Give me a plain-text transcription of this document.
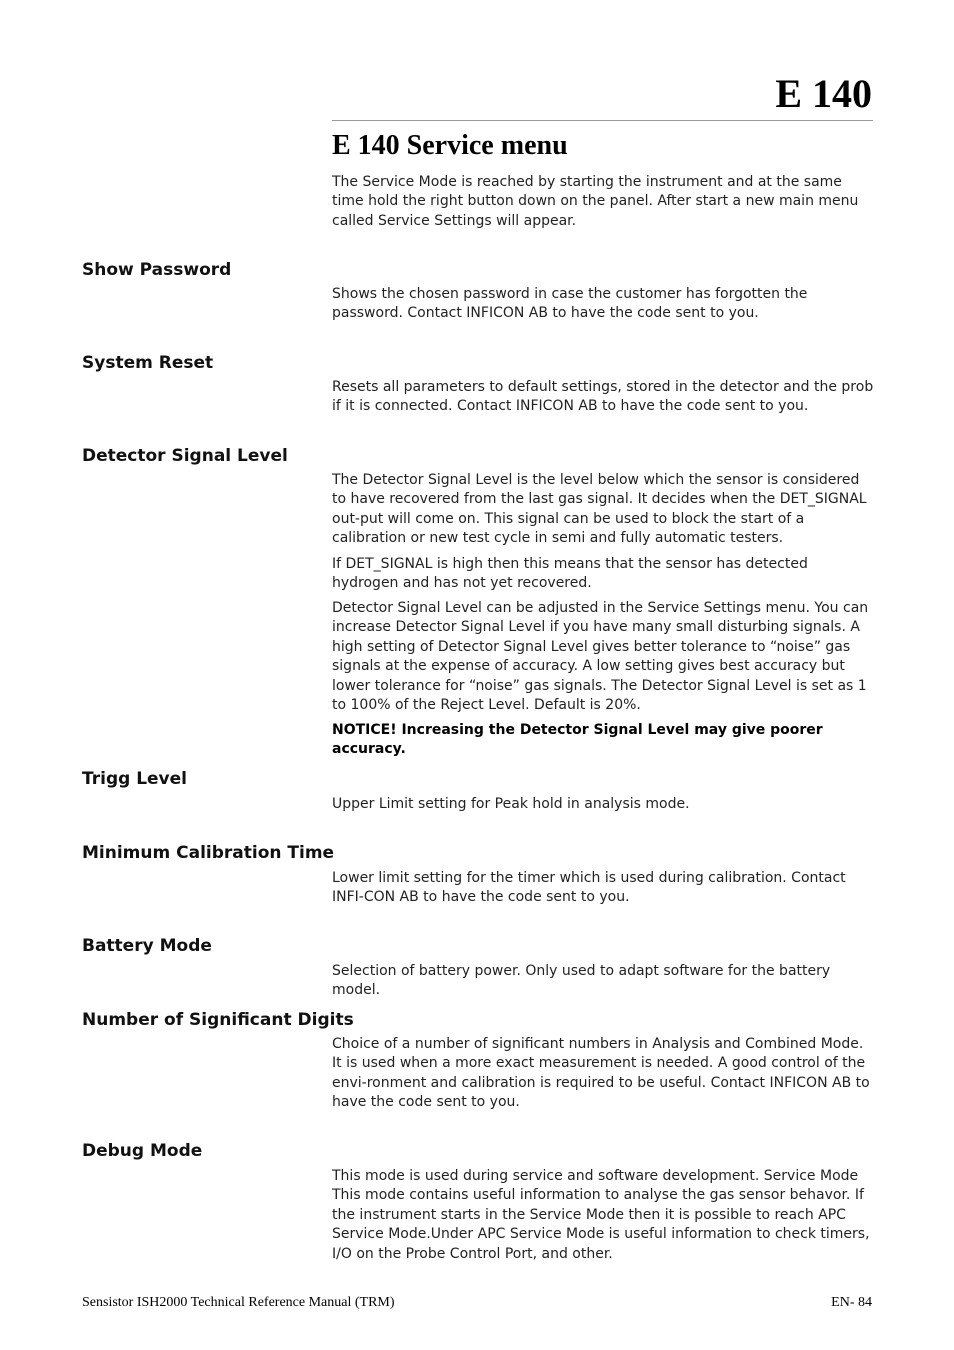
E 140
E 140 Service menu

The Service Mode is reached by starting the instrument and at the same time hold the right button down on the panel. After start a new main menu called Service Settings will appear.

Show Password

Shows the chosen password in case the customer has forgotten the password. Contact INFICON AB to have the code sent to you.

System Reset

Resets all parameters to default settings, stored in the detector and the prob if it is connected. Contact INFICON AB to have the code sent to you.

Detector Signal Level

The Detector Signal Level is the level below which the sensor is considered to have recovered from the last gas signal. It decides when the DET_SIGNAL out-put will come on. This signal can be used to block the start of a calibration or new test cycle in semi and fully automatic testers.

If DET_SIGNAL is high then this means that the sensor has detected hydrogen and has not yet recovered.

Detector Signal Level can be adjusted in the Service Settings menu. You can increase Detector Signal Level if you have many small disturbing signals. A high setting of Detector Signal Level gives better tolerance to “noise” gas signals at the expense of accuracy. A low setting gives best accuracy but lower tolerance for “noise” gas signals. The Detector Signal Level is set as 1 to 100% of the Reject Level. Default is 20%.

NOTICE! Increasing the Detector Signal Level may give poorer accuracy.

Trigg Level

Upper Limit setting for Peak hold in analysis mode.

Minimum Calibration Time

Lower limit setting for the timer which is used during calibration. Contact INFI-CON AB to have the code sent to you.

Battery Mode

Selection of battery power. Only used to adapt software for the battery model.

Number of Significant Digits

Choice of a number of significant numbers in Analysis and Combined Mode. It is used when a more exact measurement is needed. A good control of the envi-ronment and calibration is required to be useful. Contact INFICON AB to have the code sent to you.

Debug Mode

This mode is used during service and software development. Service Mode This mode contains useful information to analyse the gas sensor behavor. If the instrument starts in the Service Mode then it is possible to reach APC Service Mode.Under APC Service Mode is useful information to check timers, I/O on the Probe Control Port, and other.

Sensistor ISH2000 Technical Reference Manual (TRM)	EN- 84
